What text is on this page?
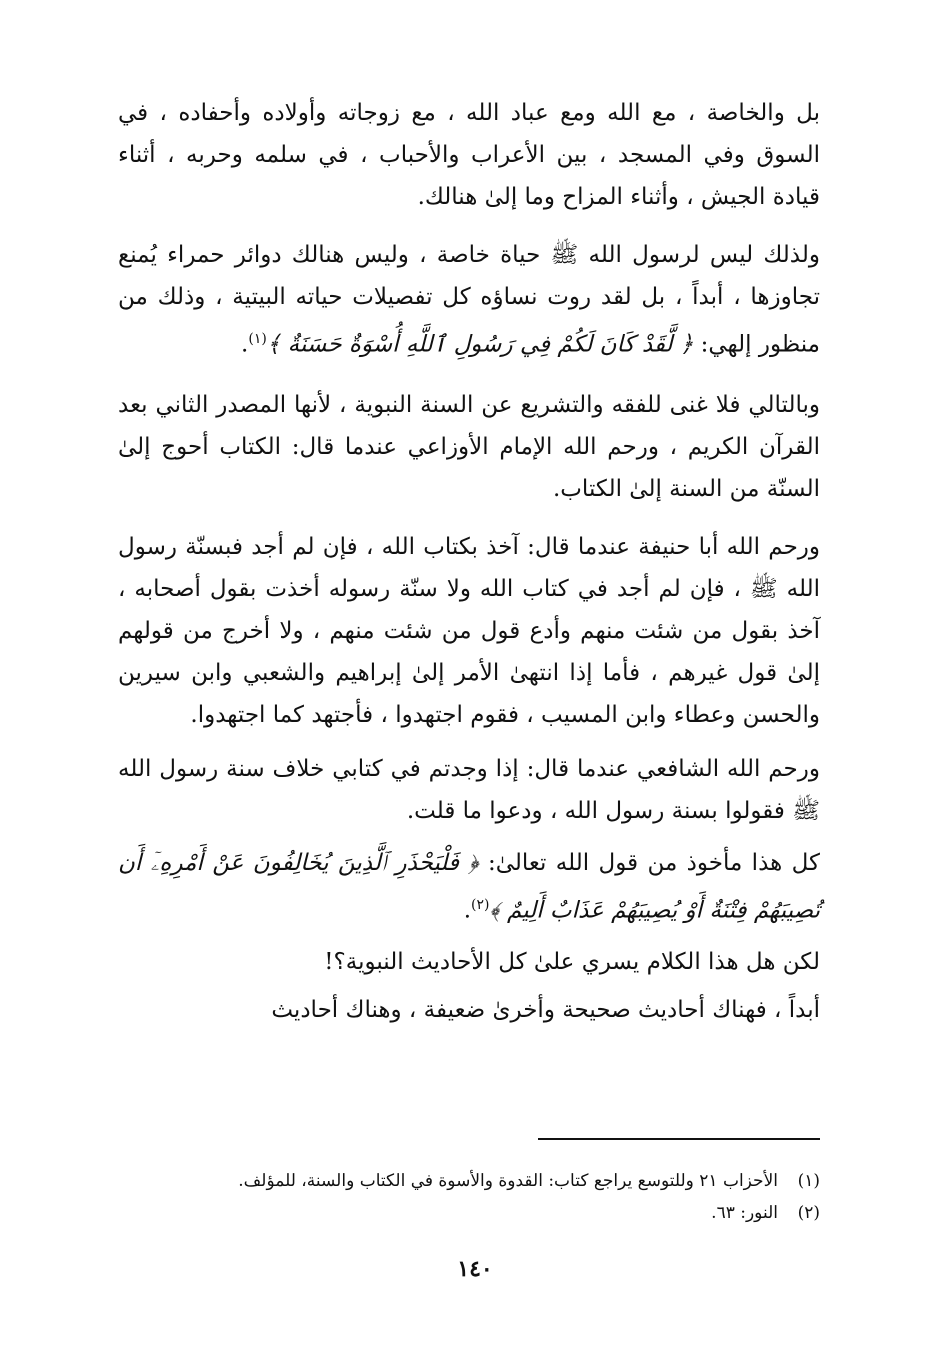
بل والخاصة ، مع الله ومع عباد الله ، مع زوجاته وأولاده وأحفاده ، في السوق وفي المسجد ، بين الأعراب والأحباب ، في سلمه وحربه ، أثناء قيادة الجيش ، وأثناء المزاح وما إلىٰ هنالك.

ولذلك ليس لرسول الله ﷺ حياة خاصة ، وليس هنالك دوائر حمراء يُمنع تجاوزها ، أبداً ، بل لقد روت نساؤه كل تفصيلات حياته البيتية ، وذلك من منظور إلهي: ﴿ لَّقَدْ كَانَ لَكُمْ فِي رَسُولِ ٱللَّهِ أُسْوَةٌ حَسَنَةٌ ﴾$^{(١)}$.

وبالتالي فلا غنى للفقه والتشريع عن السنة النبوية ، لأنها المصدر الثاني بعد القرآن الكريم ، ورحم الله الإمام الأوزاعي عندما قال: الكتاب أحوج إلىٰ السنّة من السنة إلىٰ الكتاب.

ورحم الله أبا حنيفة عندما قال: آخذ بكتاب الله ، فإن لم أجد فبسنّة رسول الله ﷺ ، فإن لم أجد في كتاب الله ولا سنّة رسوله أخذت بقول أصحابه ، آخذ بقول من شئت منهم وأدع قول من شئت منهم ، ولا أخرج من قولهم إلىٰ قول غيرهم ، فأما إذا انتهىٰ الأمر إلىٰ إبراهيم والشعبي وابن سيرين والحسن وعطاء وابن المسيب ، فقوم اجتهدوا ، فأجتهد كما اجتهدوا.

ورحم الله الشافعي عندما قال: إذا وجدتم في كتابي خلاف سنة رسول الله ﷺ فقولوا بسنة رسول الله ، ودعوا ما قلت.

كل هذا مأخوذ من قول الله تعالىٰ: ﴿ فَلْيَحْذَرِ ٱلَّذِينَ يُخَالِفُونَ عَنْ أَمْرِهِۦٓ أَن تُصِيبَهُمْ فِتْنَةٌ أَوْ يُصِيبَهُمْ عَذَابٌ أَلِيمٌ ﴾$^{(٢)}$.

لكن هل هذا الكلام يسري علىٰ كل الأحاديث النبوية؟!

أبداً ، فهناك أحاديث صحيحة وأخرىٰ ضعيفة ، وهناك أحاديث

(١)الأحزاب ٢١ وللتوسع يراجع كتاب: القدوة والأسوة في الكتاب والسنة، للمؤلف.
(٢)النور: ٦٣.
١٤٠
